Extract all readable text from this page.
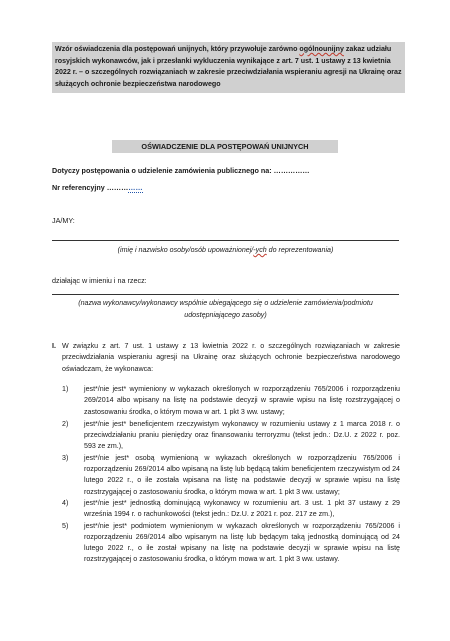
Wzór oświadczenia dla postępowań unijnych, który przywołuje zarówno ogólnounijny zakaz udziału rosyjskich wykonawców, jak i przesłanki wykluczenia wynikające z art. 7 ust. 1 ustawy z 13 kwietnia 2022 r. – o szczególnych rozwiązaniach w zakresie przeciwdziałania wspieraniu agresji na Ukrainę oraz służących ochronie bezpieczeństwa narodowego
OŚWIADCZENIE DLA POSTĘPOWAŃ UNIJNYCH
Dotyczy postępowania o udzielenie zamówienia publicznego na: ……………
Nr referencyjny ……………
JA/MY:
(imię i nazwisko osoby/osób upoważnionej/-ych do reprezentowania)
działając w imieniu i na rzecz:
(nazwa wykonawcy/wykonawcy wspólnie ubiegającego się o udzielenie zamówienia/podmiotu udostępniającego zasoby)
I. W związku z art. 7 ust. 1 ustawy z 13 kwietnia 2022 r. o szczególnych rozwiązaniach w zakresie przeciwdziałania wspieraniu agresji na Ukrainę oraz służących ochronie bezpieczeństwa narodowego oświadczam, że wykonawca:
1) jest*/nie jest* wymieniony w wykazach określonych w rozporządzeniu 765/2006 i rozporządzeniu 269/2014 albo wpisany na listę na podstawie decyzji w sprawie wpisu na listę rozstrzygającej o zastosowaniu środka, o którym mowa w art. 1 pkt 3 ww. ustawy;
2) jest*/nie jest* beneficjentem rzeczywistym wykonawcy w rozumieniu ustawy z 1 marca 2018 r. o przeciwdziałaniu praniu pieniędzy oraz finansowaniu terroryzmu (tekst jedn.: Dz.U. z 2022 r. poz. 593 ze zm.),
3) jest*/nie jest* osobą wymienioną w wykazach określonych w rozporządzeniu 765/2006 i rozporządzeniu 269/2014 albo wpisaną na listę lub będącą takim beneficjentem rzeczywistym od 24 lutego 2022 r., o ile została wpisana na listę na podstawie decyzji w sprawie wpisu na listę rozstrzygającej o zastosowaniu środka, o którym mowa w art. 1 pkt 3 ww. ustawy;
4) jest*/nie jest* jednostką dominującą wykonawcy w rozumieniu art. 3 ust. 1 pkt 37 ustawy z 29 września 1994 r. o rachunkowości (tekst jedn.: Dz.U. z 2021 r. poz. 217 ze zm.),
5) jest*/nie jest* podmiotem wymienionym w wykazach określonych w rozporządzeniu 765/2006 i rozporządzeniu 269/2014 albo wpisanym na listę lub będącym taką jednostką dominującą od 24 lutego 2022 r., o ile został wpisany na listę na podstawie decyzji w sprawie wpisu na listę rozstrzygającej o zastosowaniu środka, o którym mowa w art. 1 pkt 3 ww. ustawy.
